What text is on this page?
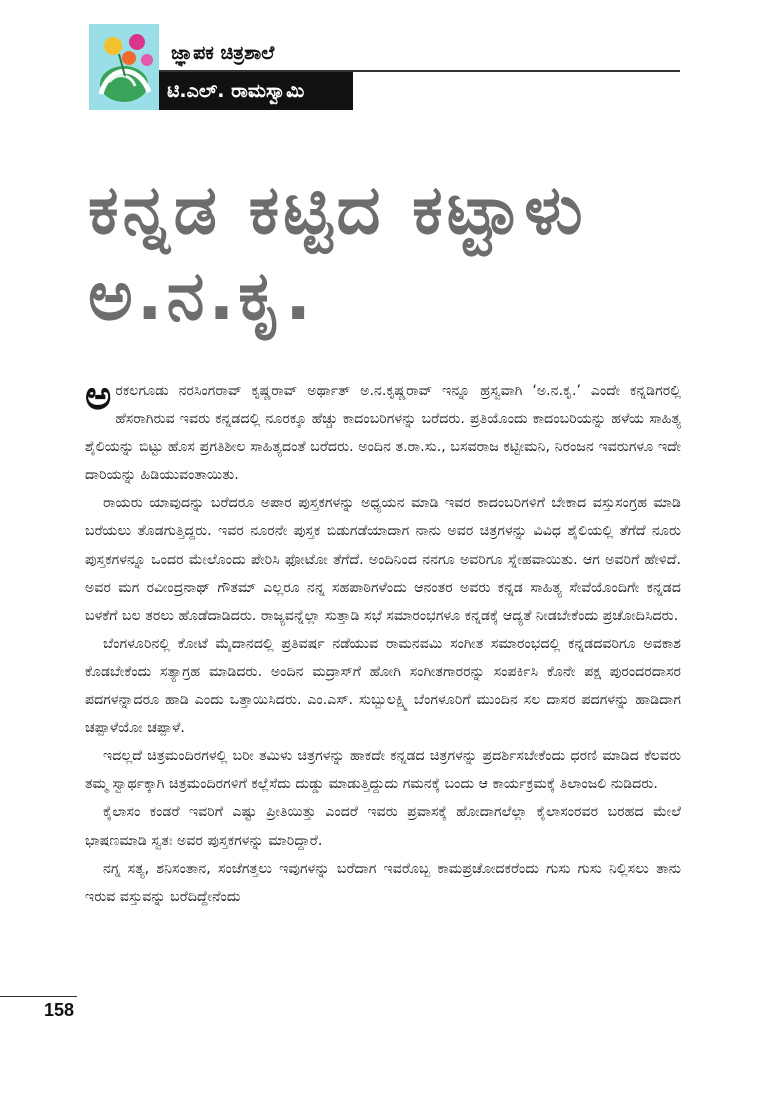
ಜ್ಞಾಪಕ ಚಿತ್ರಶಾಲೆ
ಟಿ.ಎಲ್. ರಾಮಸ್ವಾಮಿ
ಕನ್ನಡ ಕಟ್ಟಿದ ಕಟ್ಟಾಳು
ಅ.ನ.ಕೃ.

ಅರಕಲಗೂಡು ನರಸಿಂಗರಾವ್ ಕೃಷ್ಣರಾವ್ ಅರ್ಥಾತ್ ಅ.ನ.ಕೃಷ್ಣರಾವ್ ಇನ್ನೂ ಹ್ರಸ್ವವಾಗಿ ‘ಅ.ನ.ಕೃ.’ ಎಂದೇ ಕನ್ನಡಿಗರಲ್ಲಿ ಹೆಸರಾಗಿರುವ ಇವರು ಕನ್ನಡದಲ್ಲಿ ನೂರಕ್ಕೂ ಹೆಚ್ಚು ಕಾದಂಬರಿಗಳನ್ನು ಬರೆದರು. ಪ್ರತಿಯೊಂದು ಕಾದಂಬರಿಯನ್ನು ಹಳೆಯ ಸಾಹಿತ್ಯ ಶೈಲಿಯನ್ನು ಬಿಟ್ಟು ಹೊಸ ಪ್ರಗತಿಶೀಲ ಸಾಹಿತ್ಯದಂತೆ ಬರೆದರು. ಅಂದಿನ ತ.ರಾ.ಸು., ಬಸವರಾಜ ಕಟ್ಟೀಮನಿ, ನಿರಂಜನ ಇವರುಗಳೂ ಇದೇ ದಾರಿಯನ್ನು ಹಿಡಿಯುವಂತಾಯಿತು.

ರಾಯರು ಯಾವುದನ್ನು ಬರೆದರೂ ಅಪಾರ ಪುಸ್ತಕಗಳನ್ನು ಅಧ್ಯಯನ ಮಾಡಿ ಇವರ ಕಾದಂಬರಿಗಳಿಗೆ ಬೇಕಾದ ವಸ್ತುಸಂಗ್ರಹ ಮಾಡಿ ಬರೆಯಲು ತೊಡಗುತ್ತಿದ್ದರು. ಇವರ ನೂರನೇ ಪುಸ್ತಕ ಬಿಡುಗಡೆಯಾದಾಗ ನಾನು ಅವರ ಚಿತ್ರಗಳನ್ನು ವಿವಿಧ ಶೈಲಿಯಲ್ಲಿ ತೆಗೆದೆ ನೂರು ಪುಸ್ತಕಗಳನ್ನೂ ಒಂದರ ಮೇಲೊಂದು ಪೇರಿಸಿ ಫೋಟೋ ತೆಗೆದೆ. ಅಂದಿನಿಂದ ನನಗೂ ಅವರಿಗೂ ಸ್ನೇಹವಾಯಿತು. ಆಗ ಅವರಿಗೆ ಹೇಳಿದೆ. ಅವರ ಮಗ ರವೀಂದ್ರನಾಥ್ ಗೌತಮ್ ಎಲ್ಲರೂ ನನ್ನ ಸಹಪಾಠಿಗಳೆಂದು ಆನಂತರ ಅವರು ಕನ್ನಡ ಸಾಹಿತ್ಯ ಸೇವೆಯೊಂದಿಗೇ ಕನ್ನಡದ ಬಳಕೆಗೆ ಬಲ ತರಲು ಹೊಡೆದಾಡಿದರು. ರಾಜ್ಯವನ್ನೆಲ್ಲಾ ಸುತ್ತಾಡಿ ಸಭೆ ಸಮಾರಂಭಗಳೂ ಕನ್ನಡಕ್ಕೆ ಆದ್ಯತೆ ನೀಡಬೇಕೆಂದು ಪ್ರಚೋದಿಸಿದರು.

ಬೆಂಗಳೂರಿನಲ್ಲಿ ಕೋಟೆ ಮೈದಾನದಲ್ಲಿ ಪ್ರತಿವರ್ಷ ನಡೆಯುವ ರಾಮನವಮಿ ಸಂಗೀತ ಸಮಾರಂಭದಲ್ಲಿ ಕನ್ನಡದವರಿಗೂ ಅವಕಾಶ ಕೊಡಬೇಕೆಂದು ಸತ್ಯಾಗ್ರಹ ಮಾಡಿದರು. ಅಂದಿನ ಮದ್ರಾಸ್‌ಗೆ ಹೋಗಿ ಸಂಗೀತಗಾರರನ್ನು ಸಂಪರ್ಕಿಸಿ ಕೊನೇ ಪಕ್ಷ ಪುರಂದರದಾಸರ ಪದಗಳನ್ನಾದರೂ ಹಾಡಿ ಎಂದು ಒತ್ತಾಯಿಸಿದರು. ಎಂ.ಎಸ್. ಸುಬ್ಬುಲಕ್ಷ್ಮಿ ಬೆಂಗಳೂರಿಗೆ ಮುಂದಿನ ಸಲ ದಾಸರ ಪದಗಳನ್ನು ಹಾಡಿದಾಗ ಚಪ್ಪಾಳೆಯೋ ಚಪ್ಪಾಳೆ.

ಇದಲ್ಲದೆ ಚಿತ್ರಮಂದಿರಗಳಲ್ಲಿ ಬರೀ ತಮಿಳು ಚಿತ್ರಗಳನ್ನು ಹಾಕದೇ ಕನ್ನಡದ ಚಿತ್ರಗಳನ್ನು ಪ್ರದರ್ಶಿಸಬೇಕೆಂದು ಧರಣಿ ಮಾಡಿದ ಕೆಲವರು ತಮ್ಮ ಸ್ವಾರ್ಥಕ್ಕಾಗಿ ಚಿತ್ರಮಂದಿರಗಳಿಗೆ ಕಲ್ಲೆಸೆದು ದುಡ್ಡು ಮಾಡುತ್ತಿದ್ದುದು ಗಮನಕ್ಕೆ ಬಂದು ಆ ಕಾರ್ಯಕ್ರಮಕ್ಕೆ ತಿಲಾಂಜಲಿ ನುಡಿದರು.

ಕೈಲಾಸಂ ಕಂಡರೆ ಇವರಿಗೆ ಎಷ್ಟು ಪ್ರೀತಿಯಿತ್ತು ಎಂದರೆ ಇವರು ಪ್ರವಾಸಕ್ಕೆ ಹೋದಾಗಲೆಲ್ಲಾ ಕೈಲಾಸಂರವರ ಬರಹದ ಮೇಲೆ ಭಾಷಣಮಾಡಿ ಸ್ವತಃ ಅವರ ಪುಸ್ತಕಗಳನ್ನು ಮಾರಿದ್ದಾರೆ.

ನಗ್ನ ಸತ್ಯ, ಶನಿಸಂತಾನ, ಸಂಜೆಗತ್ತಲು ಇವುಗಳನ್ನು ಬರೆದಾಗ ಇವರೊಬ್ಬ ಕಾಮಪ್ರಚೋದಕರೆಂದು ಗುಸು ಗುಸು ನಿಲ್ಲಿಸಲು ತಾನು ಇರುವ ವಸ್ತುವನ್ನು ಬರೆದಿದ್ದೇನೆಂದು

158
